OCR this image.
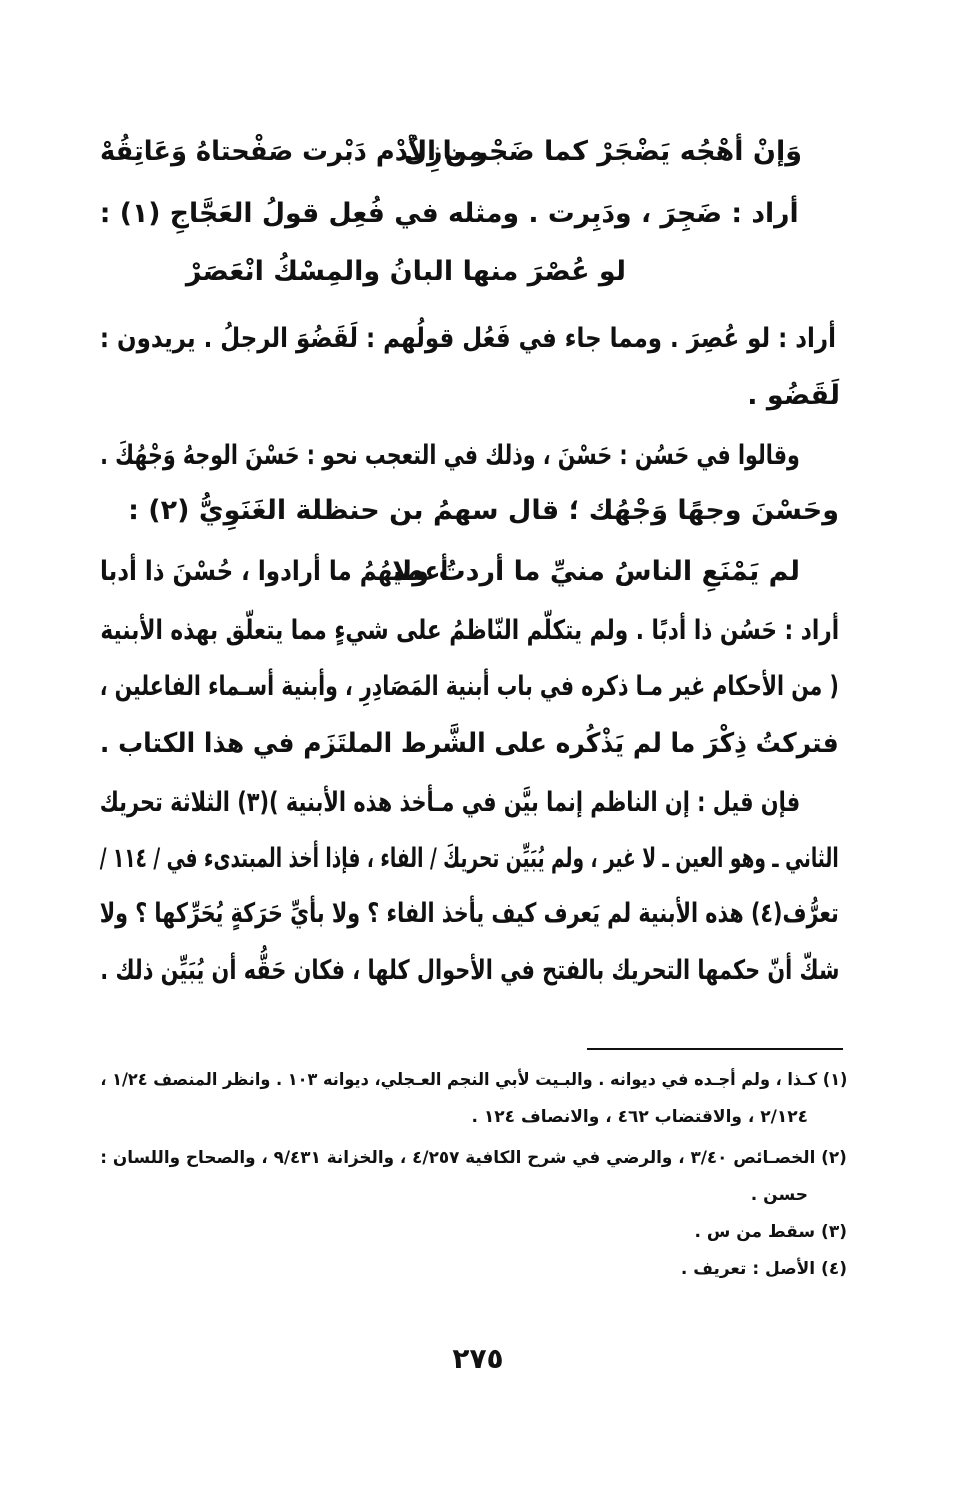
وَإنْ أهْجُه يَضْجَرْ كما ضَجْر بازِلٌ
من الأدْم دَبْرت صَفْحتاهُ وَعَاتِقُهْ
أراد : ضَجِرَ ، ودَبِرت . ومثله في فُعِل قولُ العَجَّاجِ (١) :
لو عُصْرَ منها البانُ والمِسْكُ انْعَصَرْ
أراد : لو عُصِرَ . ومما جاء في فَعُل قولُهم : لَقَضُوَ الرجلُ . يريدون :
لَقَضُو .
وقالوا في حَسُن : حَسْنَ ، وذلك في التعجب نحو : حَسْنَ الوجهُ وَجْهُكَ .
وحَسْنَ وجهًا وَجْهُك ؛ قال سهمُ بن حنظلة الغَنَوِيُّ (٢) :
لم يَمْنَعِ الناسُ منيِّ ما أردتُ ولا
أعطيهُمُ ما أرادوا ، حُسْنَ ذا أدبا
أراد : حَسُن ذا أدبًا . ولم يتكلّم النّاظمُ على شيءٍ مما يتعلّق بهذه الأبنية
( من الأحكام غير مـا ذكره في باب أبنية المَصَادِرِ ، وأبنية أسـماء الفاعلين ،
فتركتُ ذِكْرَ ما لم يَذْكُره على الشَّرط الملتَزَم في هذا الكتاب .
فإن قيل : إن الناظم إنما بيَّن في مـأخذ هذه الأبنية )(٣) الثلاثة تحريك
الثاني ـ وهو العين ـ لا غير ، ولم يُبَيِّن تحريكَ / الفاء ، فإذا أخذ المبتدىء في / ١١٤ /
تعرُّف(٤) هذه الأبنية لم يَعرف كيف يأخذ الفاء ؟ ولا بأيِّ حَرَكةٍ يُحَرِّكها ؟ ولا
شكّ أنّ حكمها التحريك بالفتح في الأحوال كلها ، فكان حَقُّه أن يُبَيِّن ذلك .
(١) كـذا ، ولم أجـده في ديوانه . والبـيت لأبي النجم العـجلي، ديوانه ١٠٣ . وانظر المنصف ١/٢٤ ،
٢/١٢٤ ، والاقتضاب ٤٦٢ ، والانصاف ١٢٤ .
(٢) الخصـائص ٣/٤٠ ، والرضي في شرح الكافية ٤/٢٥٧ ، والخزانة ٩/٤٣١ ، والصحاح واللسان :
حسن .
(٣) سقط من س .
(٤) الأصل : تعريف .
٢٧٥
